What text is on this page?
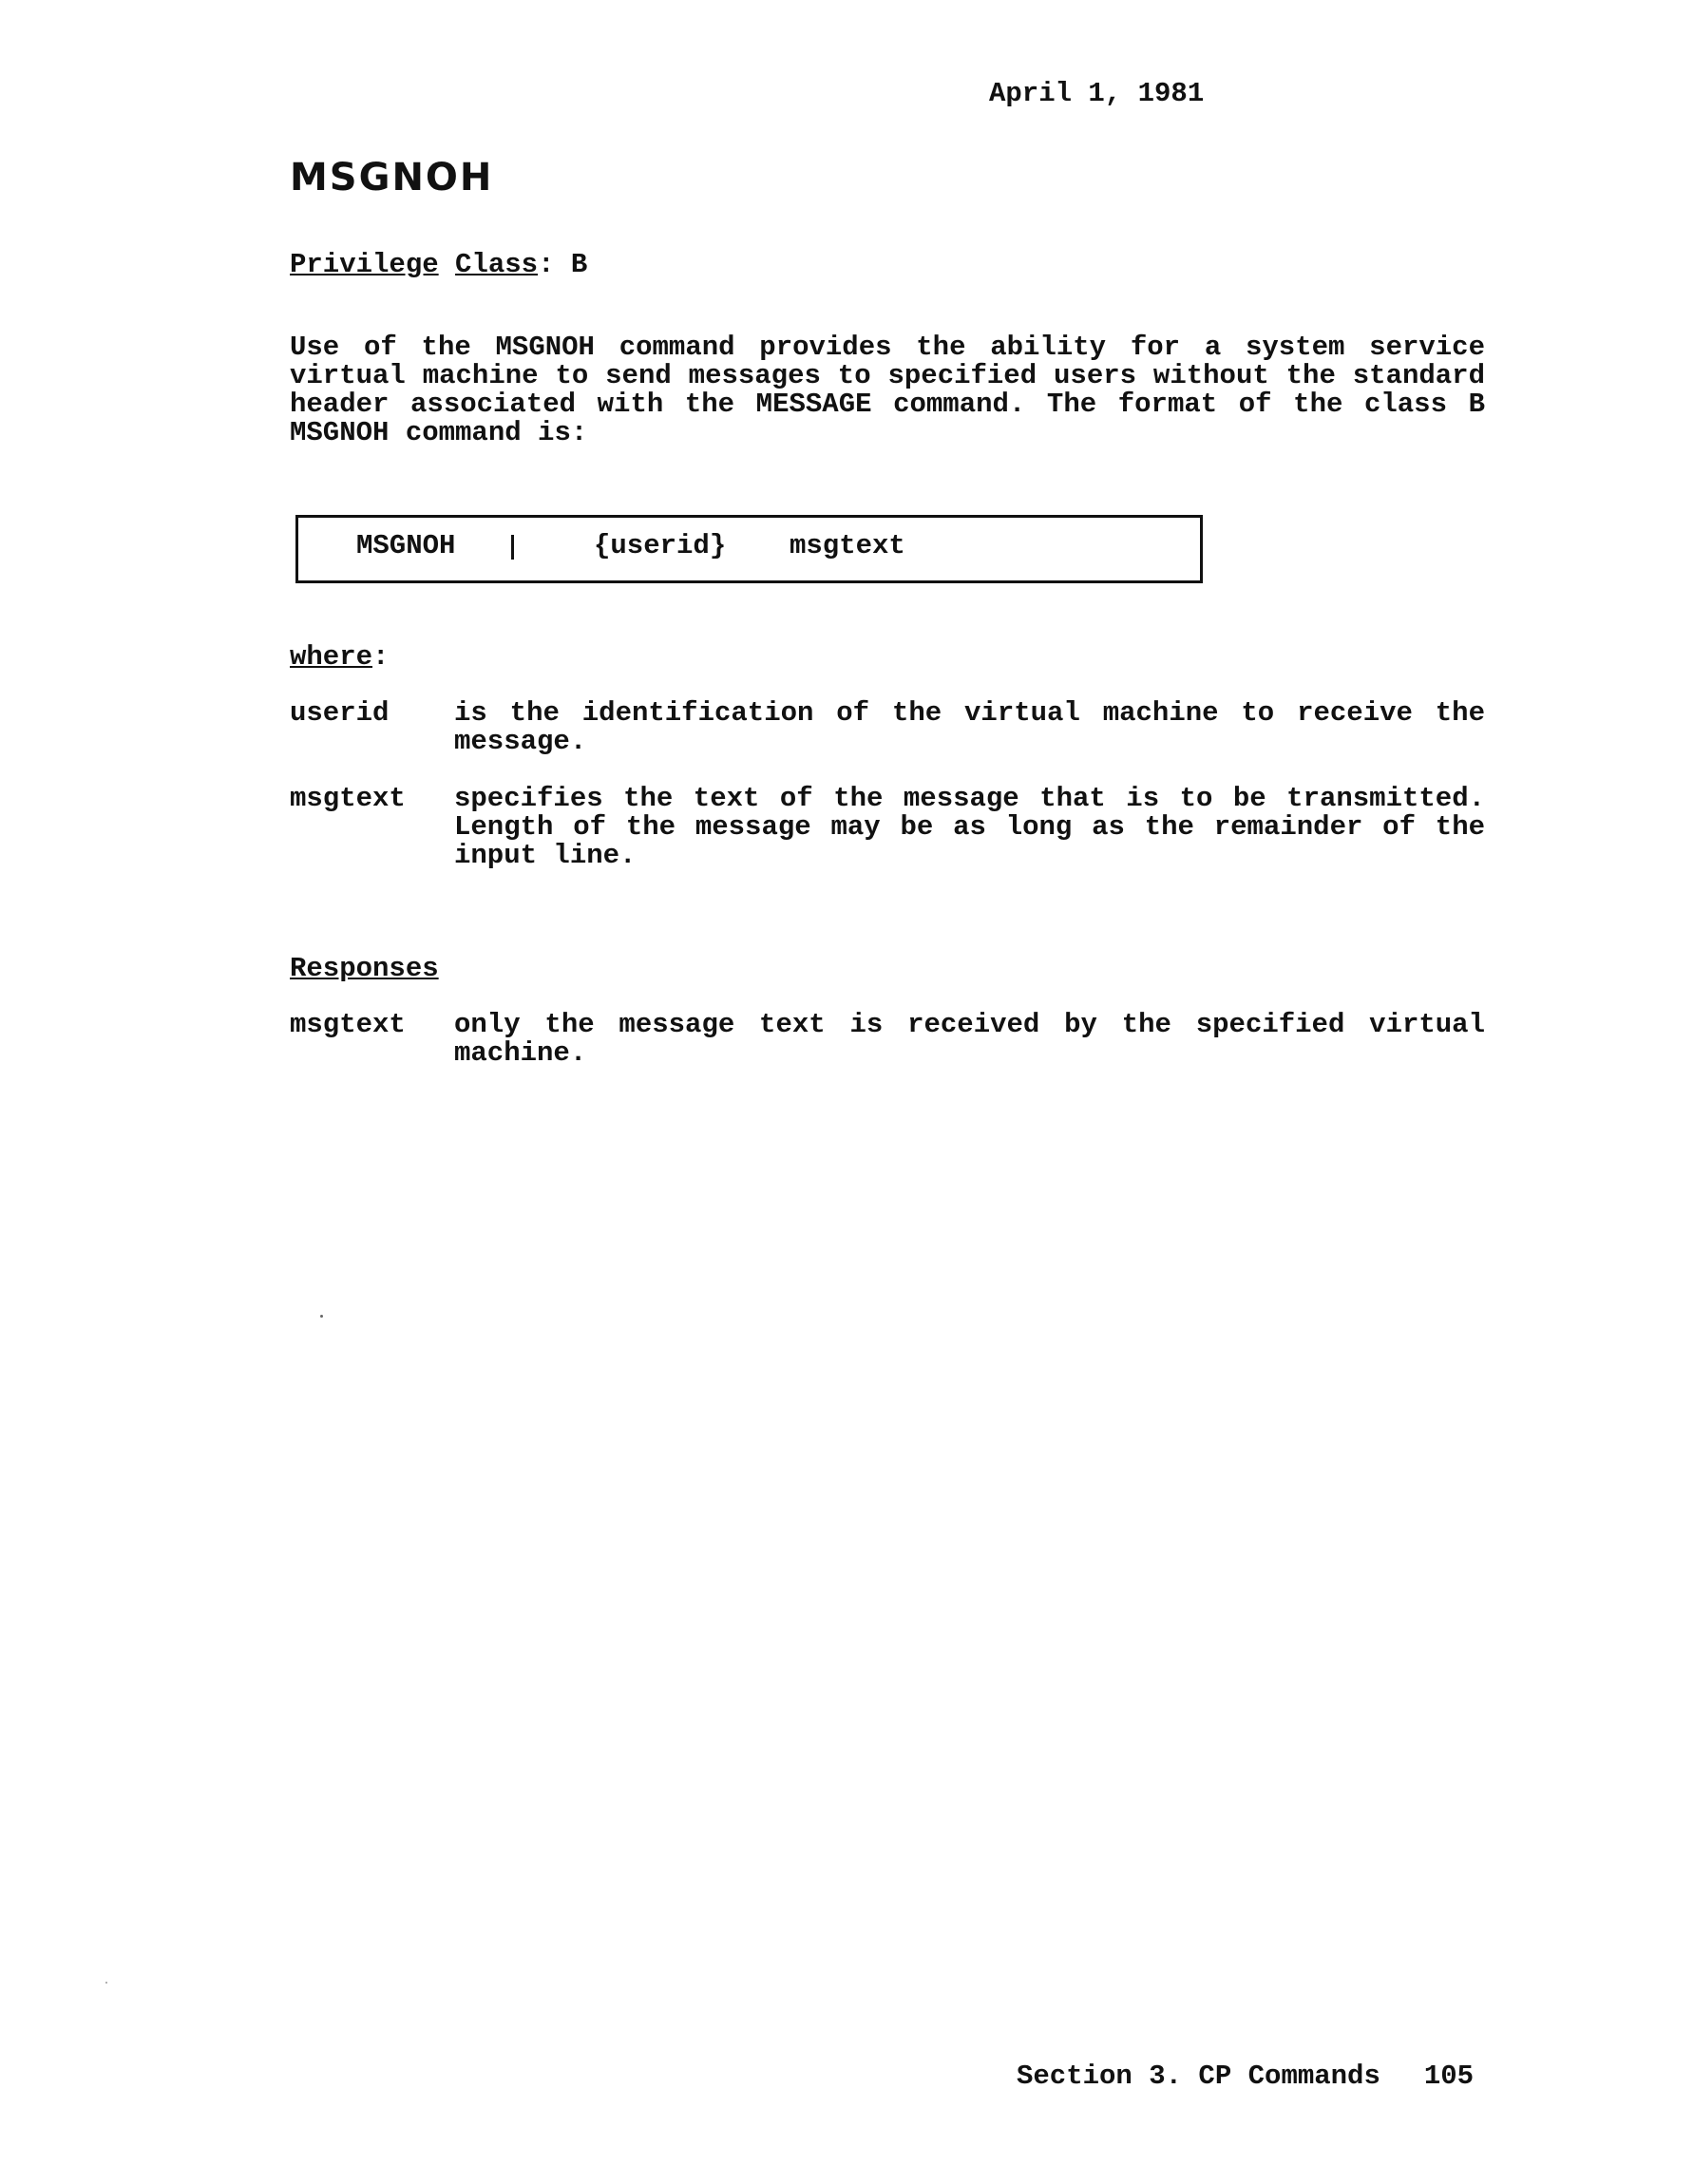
April 1, 1981
MSGNOH
Privilege Class: B
Use of the MSGNOH command provides the ability for a system service
virtual machine to send messages to specified users without the standard
header associated with the MESSAGE command. The format of the class B
MSGNOH command is:
MSGNOH	{userid} msgtext
where:
userid is the identification of the virtual machine to receive the
message.
msgtext specifies the text of the message that is to be transmitted.
Length of the message may be as long as the remainder of the
input line.
Responses
msgtext only the message text is received by the specified virtual
machine.
Section 3. CP Commands 105
